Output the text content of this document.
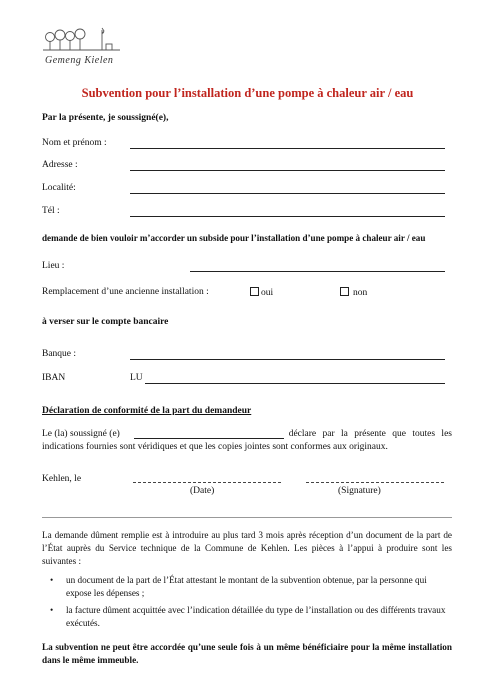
Gemeng Kielen
Subvention pour l’installation d’une pompe à chaleur air / eau
Par la présente, je soussigné(e),
Nom et prénom :
Adresse :
Localité:
Tél :
demande de bien vouloir m’accorder un subside pour l’installation d’une pompe à chaleur air / eau
Lieu :
Remplacement d’une ancienne installation :	oui	non
à verser sur le compte bancaire
Banque :
IBAN	LU
Déclaration de conformité de la part du demandeur
Le (la) soussigné (e)	déclare par la présente que toutes les
indications fournies sont véridiques et que les copies jointes sont conformes aux originaux.
Kehlen, le
(Date)	(Signature)
La demande dûment remplie est à introduire au plus tard 3 mois après réception d’un document de la part de l’État auprès du Service technique de la Commune de Kehlen. Les pièces à l’appui à produire sont les suivantes :
• un document de la part de l’État attestant le montant de la subvention obtenue, par la personne qui expose les dépenses ;
• la facture dûment acquittée avec l’indication détaillée du type de l’installation ou des différents travaux exécutés.
La subvention ne peut être accordée qu’une seule fois à un même bénéficiaire pour la même installation dans le même immeuble.
